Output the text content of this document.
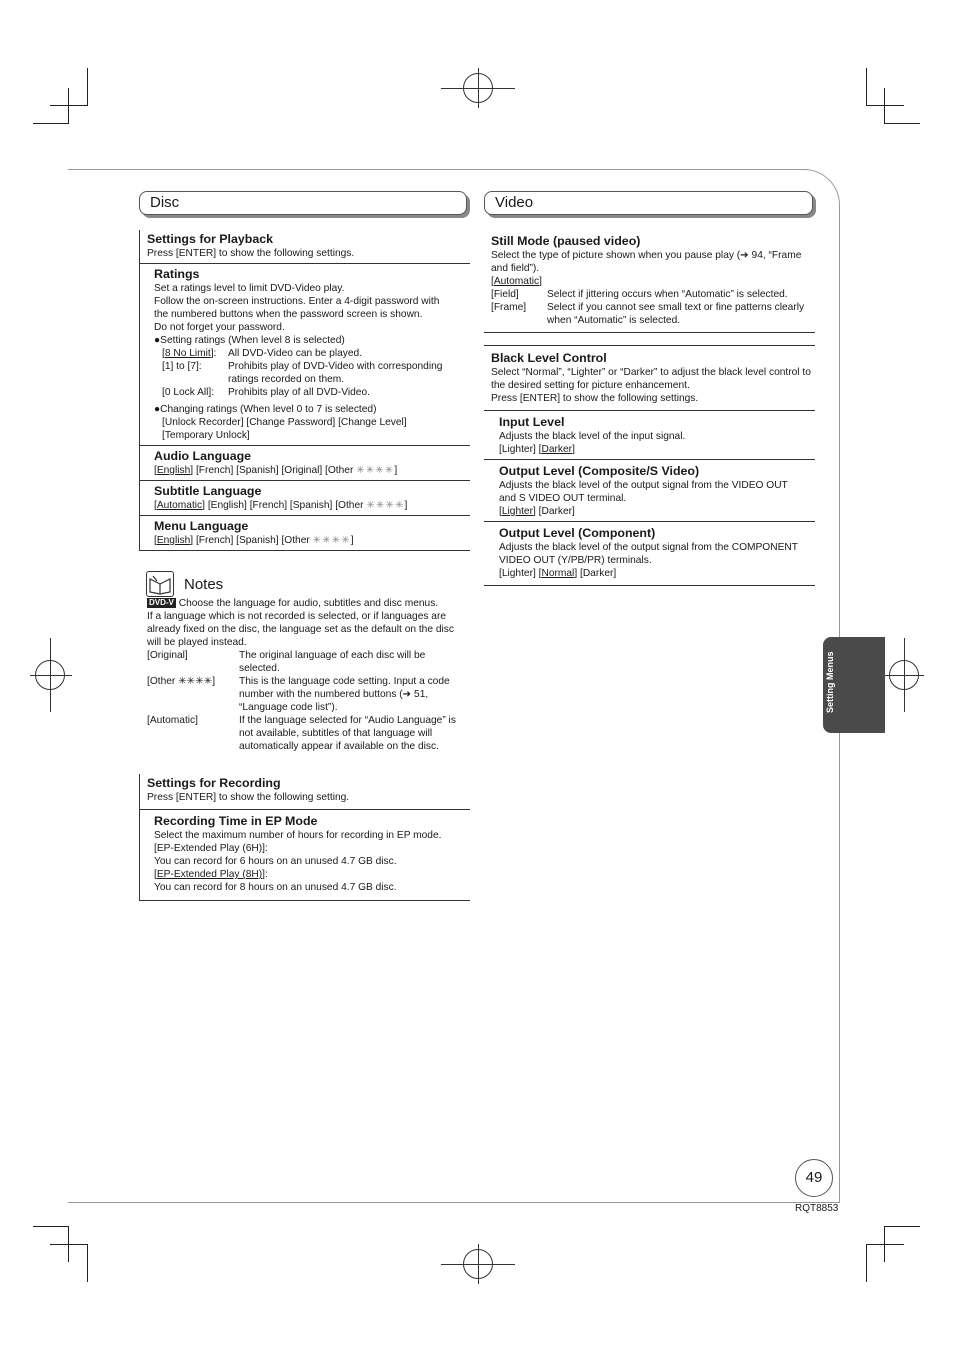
Disc
Settings for Playback
Press [ENTER] to show the following settings.
Ratings
Set a ratings level to limit DVD-Video play.
Follow the on-screen instructions. Enter a 4-digit password with
the numbered buttons when the password screen is shown.
Do not forget your password.
●Setting ratings (When level 8 is selected)
[8 No Limit]:	All DVD-Video can be played.
[1] to [7]:	Prohibits play of DVD-Video with corresponding ratings recorded on them.
[0 Lock All]:	Prohibits play of all DVD-Video.
●Changing ratings (When level 0 to 7 is selected)
[Unlock Recorder] [Change Password] [Change Level]
[Temporary Unlock]
Audio Language
[English] [French] [Spanish] [Original] [Other ✳✳✳✳]
Subtitle Language
[Automatic] [English] [French] [Spanish] [Other ✳✳✳✳]
Menu Language
[English] [French] [Spanish] [Other ✳✳✳✳]
Notes
DVD-V Choose the language for audio, subtitles and disc menus.
If a language which is not recorded is selected, or if languages are already fixed on the disc, the language set as the default on the disc will be played instead.
[Original]	The original language of each disc will be selected.
[Other ✳✳✳✳]	This is the language code setting. Input a code number with the numbered buttons (➔ 51, “Language code list”).
[Automatic]	If the language selected for “Audio Language” is not available, subtitles of that language will automatically appear if available on the disc.
Settings for Recording
Press [ENTER] to show the following setting.
Recording Time in EP Mode
Select the maximum number of hours for recording in EP mode.
[EP-Extended Play (6H)]:
You can record for 6 hours on an unused 4.7 GB disc.
[EP-Extended Play (8H)]:
You can record for 8 hours on an unused 4.7 GB disc.
Video
Still Mode (paused video)
Select the type of picture shown when you pause play (➔ 94, “Frame and field”).
[Automatic]
[Field]	Select if jittering occurs when “Automatic” is selected.
[Frame]	Select if you cannot see small text or fine patterns clearly when “Automatic” is selected.
Black Level Control
Select “Normal”, “Lighter” or “Darker” to adjust the black level control to the desired setting for picture enhancement.
Press [ENTER] to show the following settings.
Input Level
Adjusts the black level of the input signal.
[Lighter] [Darker]
Output Level (Composite/S Video)
Adjusts the black level of the output signal from the VIDEO OUT and S VIDEO OUT terminal.
[Lighter] [Darker]
Output Level (Component)
Adjusts the black level of the output signal from the COMPONENT VIDEO OUT (Y/PB/PR) terminals.
[Lighter] [Normal] [Darker]
Setting Menus
49
RQT8853
